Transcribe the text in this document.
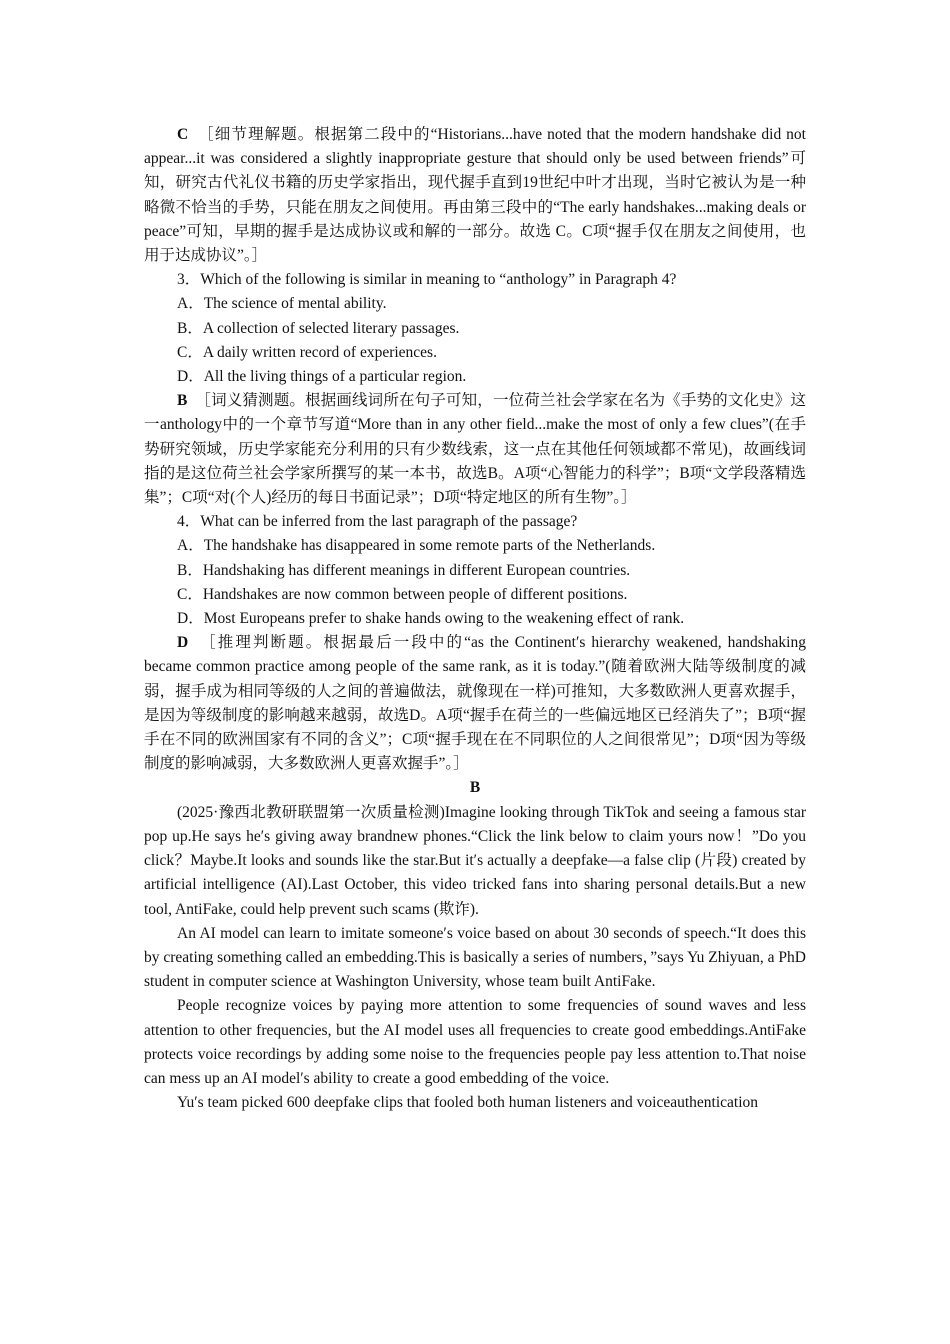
C　 ［细节理解题。根据第二段中的“Historians...have noted that the modern handshake did not appear...it was considered a slightly inappropriate gesture that should only be used between friends”可知，研究古代礼仪书籍的历史学家指出，现代握手直到19世纪中叶才出现，当时它被认为是一种略微不恰当的手势，只能在朋友之间使用。再由第三段中的“The early handshakes...making deals or peace”可知，早期的握手是达成协议或和解的一部分。故选 C。C项“握手仅在朋友之间使用，也用于达成协议”。］

3．Which of the following is similar in meaning to “anthology” in Paragraph 4?

A．The science of mental ability.

B．A collection of selected literary passages.

C．A daily written record of experiences.

D．All the living things of a particular region.

B　 ［词义猜测题。根据画线词所在句子可知，一位荷兰社会学家在名为《手势的文化史》这一anthology中的一个章节写道“More than in any other field...make the most of only a few clues”(在手势研究领域，历史学家能充分利用的只有少数线索，这一点在其他任何领域都不常见)，故画线词指的是这位荷兰社会学家所撰写的某一本书，故选B。A项“心智能力的科学”；B项“文学段落精选集”；C项“对(个人)经历的每日书面记录”；D项“特定地区的所有生物”。］

4．What can be inferred from the last paragraph of the passage?

A．The handshake has disappeared in some remote parts of the Netherlands.

B．Handshaking has different meanings in different European countries.

C．Handshakes are now common between people of different positions.

D．Most Europeans prefer to shake hands owing to the weakening effect of rank.

D　 ［推理判断题。根据最后一段中的“as the Continent′s hierarchy weakened, handshaking became common practice among people of the same rank, as it is today.”(随着欧洲大陆等级制度的减弱，握手成为相同等级的人之间的普遍做法，就像现在一样)可推知，大多数欧洲人更喜欢握手，是因为等级制度的影响越来越弱，故选D。A项“握手在荷兰的一些偏远地区已经消失了”；B项“握手在不同的欧洲国家有不同的含义”；C项“握手现在在不同职位的人之间很常见”；D项“因为等级制度的影响减弱，大多数欧洲人更喜欢握手”。］

B

(2025·豫西北教研联盟第一次质量检测)Imagine looking through TikTok and seeing a famous star pop up.He says he′s giving away brandnew phones.“Click the link below to claim yours now！”Do you click？Maybe.It looks and sounds like the star.But it′s actually a deepfake—a false clip (片段) created by artificial intelligence (AI).Last October, this video tricked fans into sharing personal details.But a new tool, AntiFake, could help prevent such scams (欺诈).

An AI model can learn to imitate someone′s voice based on about 30 seconds of speech.“It does this by creating something called an embedding.This is basically a series of numbers，”says Yu Zhiyuan, a PhD student in computer science at Washington University, whose team built AntiFake.

People recognize voices by paying more attention to some frequencies of sound waves and less attention to other frequencies, but the AI model uses all frequencies to create good embeddings.AntiFake protects voice recordings by adding some noise to the frequencies people pay less attention to.That noise can mess up an AI model′s ability to create a good embedding of the voice.

Yu′s team picked 600 deepfake clips that fooled both human listeners and voiceauthentication
